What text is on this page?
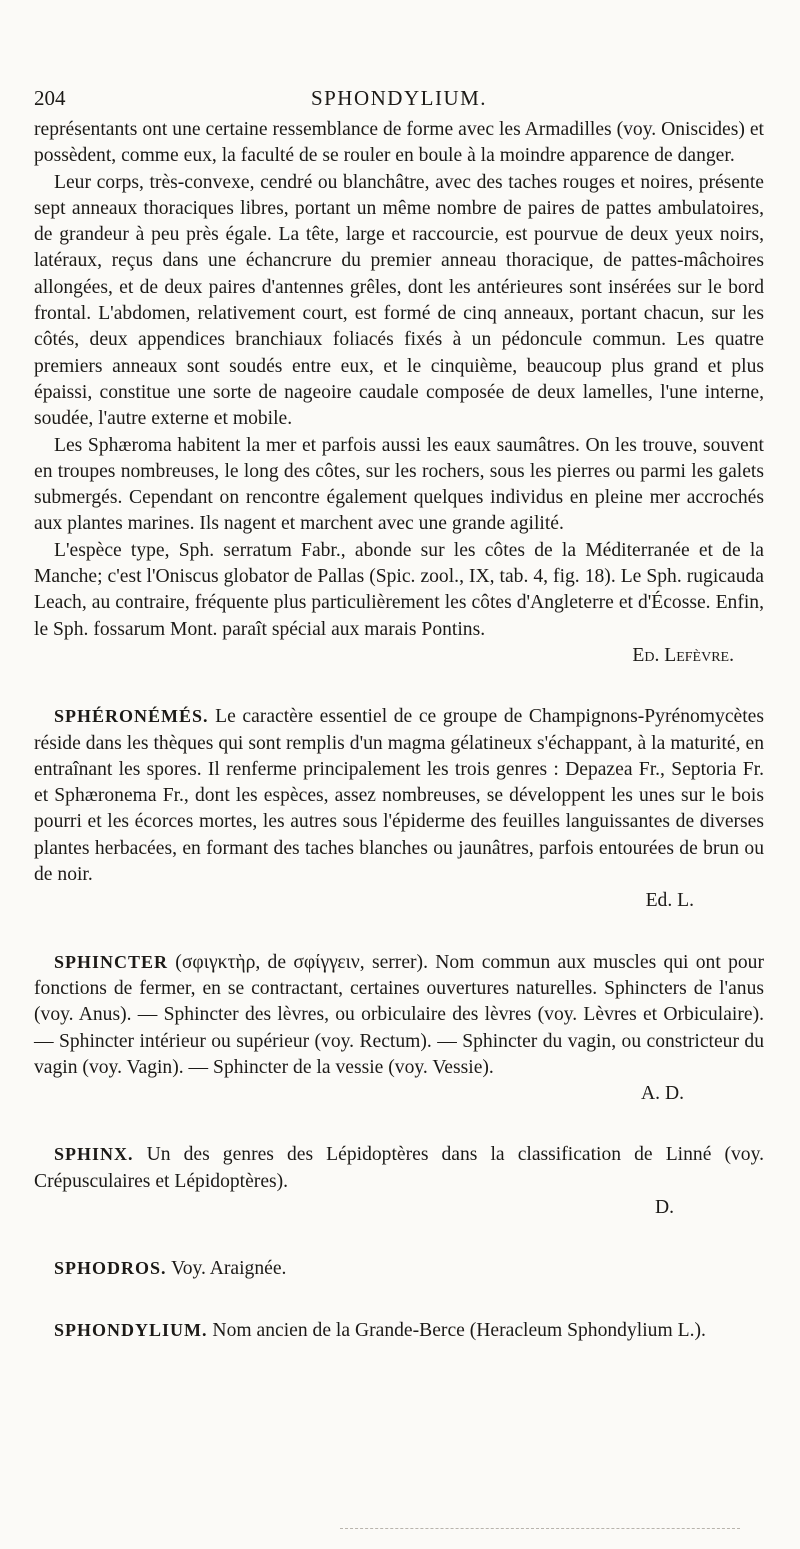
204	SPHONDYLIUM.

représentants ont une certaine ressemblance de forme avec les Armadilles (voy. Oniscides) et possèdent, comme eux, la faculté de se rouler en boule à la moindre apparence de danger.

Leur corps, très-convexe, cendré ou blanchâtre, avec des taches rouges et noires, présente sept anneaux thoraciques libres, portant un même nombre de paires de pattes ambulatoires, de grandeur à peu près égale. La tête, large et raccourcie, est pourvue de deux yeux noirs, latéraux, reçus dans une échancrure du premier anneau thoracique, de pattes-mâchoires allongées, et de deux paires d'antennes grêles, dont les antérieures sont insérées sur le bord frontal. L'abdomen, relativement court, est formé de cinq anneaux, portant chacun, sur les côtés, deux appendices branchiaux foliacés fixés à un pédoncule commun. Les quatre premiers anneaux sont soudés entre eux, et le cinquième, beaucoup plus grand et plus épaissi, constitue une sorte de nageoire caudale composée de deux lamelles, l'une interne, soudée, l'autre externe et mobile.

Les Sphæroma habitent la mer et parfois aussi les eaux saumâtres. On les trouve, souvent en troupes nombreuses, le long des côtes, sur les rochers, sous les pierres ou parmi les galets submergés. Cependant on rencontre également quelques individus en pleine mer accrochés aux plantes marines. Ils nagent et marchent avec une grande agilité.

L'espèce type, Sph. serratum Fabr., abonde sur les côtes de la Méditerranée et de la Manche; c'est l'Oniscus globator de Pallas (Spic. zool., IX, tab. 4, fig. 18). Le Sph. rugicauda Leach, au contraire, fréquente plus particulièrement les côtes d'Angleterre et d'Écosse. Enfin, le Sph. fossarum Mont. paraît spécial aux marais Pontins.

Ed. Lefèvre.

SPHÉRONÉMÉS. Le caractère essentiel de ce groupe de Champignons-Pyrénomycètes réside dans les thèques qui sont remplis d'un magma gélatineux s'échappant, à la maturité, en entraînant les spores. Il renferme principalement les trois genres : Depazea Fr., Septoria Fr. et Sphæronema Fr., dont les espèces, assez nombreuses, se développent les unes sur le bois pourri et les écorces mortes, les autres sous l'épiderme des feuilles languissantes de diverses plantes herbacées, en formant des taches blanches ou jaunâtres, parfois entourées de brun ou de noir.

Ed. L.

SPHINCTER (σφιγκτὴρ, de σφίγγειν, serrer). Nom commun aux muscles qui ont pour fonctions de fermer, en se contractant, certaines ouvertures naturelles. Sphincters de l'anus (voy. Anus). — Sphincter des lèvres, ou orbiculaire des lèvres (voy. Lèvres et Orbiculaire). — Sphincter intérieur ou supérieur (voy. Rectum). — Sphincter du vagin, ou constricteur du vagin (voy. Vagin). — Sphincter de la vessie (voy. Vessie).

A. D.

SPHINX. Un des genres des Lépidoptères dans la classification de Linné (voy. Crépusculaires et Lépidoptères).

D.

SPHODROS. Voy. Araignée.

SPHONDYLIUM. Nom ancien de la Grande-Berce (Heracleum Sphondylium L.).
